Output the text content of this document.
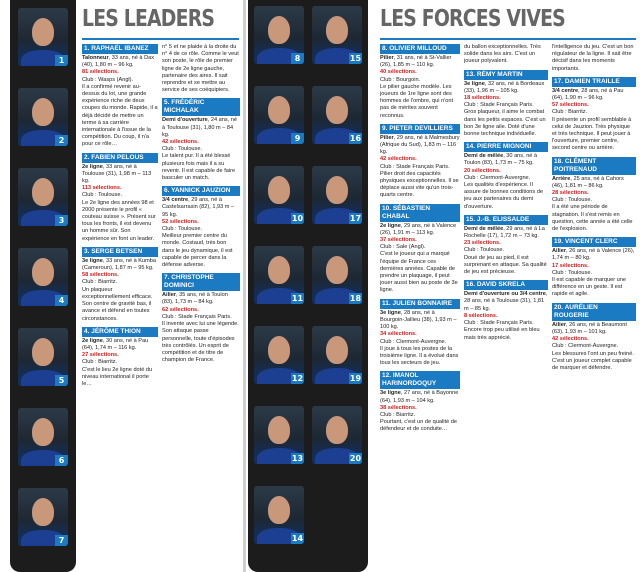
LES LEADERS
1
2
3
4
5
6
7
1. RAPHAËL IBANEZ
Talonneur, 33 ans, né à Dax (40), 1,80 m – 96 kg.
81 sélections.
Club : Wasps (Angl).
Il a confirmé revenir au-dessus du lot, une grande expérience riche de deux coupes du monde. Rapide, il a déjà décidé de mettre un terme à sa carrière internationale à l'issue de la compétition. Du coup, il n'a pour ce rôle…
2. FABIEN PELOUS
2e ligne, 33 ans, né à Toulouse (31), 1,98 m – 113 kg.
113 sélections.
Club : Toulouse.
Le 2e ligne des années 98 et 2000 présente le profil « couteau suisse ». Présent sur tous les fronts, il est devenu un homme sûr. Son expérience en font un leader.
3. SERGE BETSEN
3e ligne, 33 ans, né à Kumba (Cameroun), 1,87 m – 95 kg.
58 sélections.
Club : Biarritz.
Un plaqueur exceptionnellement efficace. Son centre de gravité bas, il avance et défend en toutes circonstances.
4. JÉRÔME THION
2e ligne, 30 ans, né à Pau (64), 1,74 m – 116 kg.
27 sélections.
Club : Biarritz.
C'est le lieu 2e ligne doté du niveau international il porte le…
n° 5 et ne plaide à la droite du n° 4 de ce rôle. Comme le veut son poste, le rôle de premier ligne de 2e ligne gauche, partenaire des aires. Il sait reprendre et se mettre au service de ses coéquipiers.
5. FRÉDÉRIC MICHALAK
Demi d'ouverture, 24 ans, né à Toulouse (31), 1,80 m – 84 kg.
42 sélections.
Club : Toulouse.
Le talent pur. Il a été blessé plusieurs fois mais il a su revenir. Il est capable de faire basculer un match.
6. YANNICK JAUZION
3/4 centre, 29 ans, né à Castelsarrasin (82), 1,93 m – 95 kg.
52 sélections.
Club : Toulouse.
Meilleur premier centre du monde. Costaud, très bon dans le jeu dynamique, il est capable de percer dans la défense adverse.
7. CHRISTOPHE DOMINICI
Ailier, 35 ans, né à Toulon (83), 1,73 m – 84 kg.
62 sélections.
Club : Stade Français Paris.
Il invente avec lui une légende. Son attaque passe personnelle, toute d'épisodes très contrôlés. Un esprit de compétition et de titre de champion de France.
LES FORCES VIVES
8
9
10
11
12
13
14
15
16
17
18
19
20
8. OLIVIER MILLOUD
Pilier, 31 ans, né à St-Vallier (26), 1,85 m – 110 kg.
40 sélections.
Club : Bourgoin.
Le pilier gauche modèle. Les joueurs de 1re ligne sont des hommes de l'ombre, qui n'ont pas de mérites souvent reconnus.
9. PIETER DEVILLIERS
Pilier, 29 ans, né à Malmesbury (Afrique du Sud), 1,83 m – 116 kg.
42 sélections.
Club : Stade Français Paris.
Pilier droit des capacités physiques exceptionnelles. Il se déplace aussi vite qu'un trois-quarts centre.
10. SÉBASTIEN CHABAL
2e ligne, 29 ans, né à Valence (26), 1,91 m – 113 kg.
37 sélections.
Club : Sale (Angl).
C'est le joueur qui a marqué l'équipe de France ces dernières années. Capable de prendre un plaquage, il peut jouer aussi bien au poste de 3e ligne.
11. JULIEN BONNAIRE
3e ligne, 28 ans, né à Bourgoin-Jallieu (38), 1,93 m – 100 kg.
34 sélections.
Club : Clermont-Auvergne.
Il joue à tous les postes de la troisième ligne. Il a évolué dans tous les secteurs de jeu.
12. IMANOL HARINORDOQUY
3e ligne, 27 ans, né à Bayonne (64), 1,93 m – 104 kg.
38 sélections.
Club : Biarritz.
Pourtant, c'est un de qualité de défendeur et de conduite…
du ballon exceptionnelles. Très solide dans les airs. C'est un joueur polyvalent.
13. RÉMY MARTIN
3e ligne, 32 ans, né à Bordeaux (33), 1,96 m – 105 kg.
18 sélections.
Club : Stade Français Paris.
Gros plaqueur, il aime le combat dans les petits espaces. C'est un bon 3e ligne aile. Doté d'une bonne technique individuelle.
14. PIERRE MIGNONI
Demi de mêlée, 30 ans, né à Toulon (83), 1,73 m – 75 kg.
20 sélections.
Club : Clermont-Auvergne.
Les qualités d'expérience. Il assure de bonnes conditions de jeu aux partenaires du demi d'ouverture.
15. J.-B. ELISSALDE
Demi de mêlée, 29 ans, né à La Rochelle (17), 1,72 m – 73 kg.
23 sélections.
Club : Toulouse.
Doué de jeu au pied, il est surprenant en attaque. Sa qualité de jeu est précieuse.
16. DAVID SKRELA
Demi d'ouverture ou 3/4 centre, 28 ans, né à Toulouse (31), 1,81 m – 85 kg.
8 sélections.
Club : Stade Français Paris.
Encore trop peu utilisé en bleu mais très apprécié.
l'intelligence du jeu. C'est un bon régulateur de la ligne. Il sait être décisif dans les moments importants.
17. DAMIEN TRAILLE
3/4 centre, 28 ans, né à Pau (64), 1,90 m – 96 kg.
57 sélections.
Club : Biarritz.
Il présente un profil semblable à celui de Jauzion. Très physique et très technique. Il peut jouer à l'ouverture, premier centre, second centre ou arrière.
18. CLÉMENT POITRENAUD
Arrière, 25 ans, né à Cahors (46), 1,81 m – 86 kg.
28 sélections.
Club : Toulouse.
Il a été une période de stagnation. Il s'est remis en question, cette année a été celle de l'explosion.
19. VINCENT CLERC
Ailier, 26 ans, né à Valence (26), 1,74 m – 80 kg.
17 sélections.
Club : Toulouse.
Il est capable de marquer une différence en un geste. Il est rapide et agile.
20. AURÉLIEN ROUGERIE
Ailier, 26 ans, né à Beaumont (63), 1,93 m – 101 kg.
42 sélections.
Club : Clermont-Auvergne.
Les blessures l'ont un peu freiné. C'est un joueur complet capable de marquer et défendre.
